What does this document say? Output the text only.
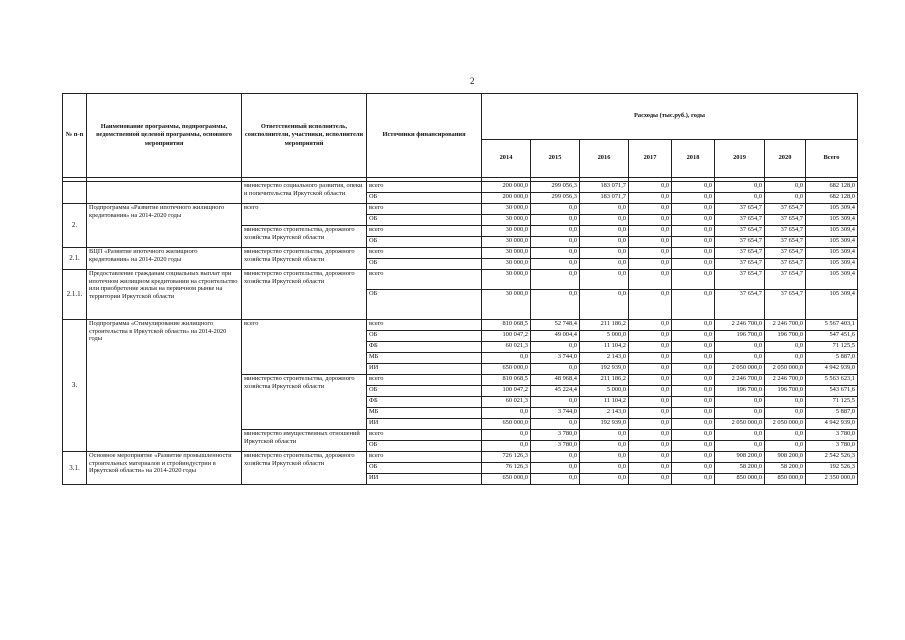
2
№ п-п	Наименование программы, подпрограммы, ведомственной целевой программы, основного мероприятия	Ответственный исполнитель, соисполнители, участники, исполнители мероприятий	Источники финансирования	Расходы (тыс.руб.), годы							
				2014	2015	2016	2017	2018	2019	2020	Всего

		министерство социального развития, опеки и попечительства Иркутской области	всего	200 000,0	299 056,3	183 071,7	0,0	0,0	0,0	0,0	682 128,0
			ОБ	200 000,0	299 056,3	183 071,7	0,0	0,0	0,0	0,0	682 128,0
2.	Подпрограмма «Развитие ипотечного жилищного кредитования» на 2014-2020 годы	всего	всего	30 000,0	0,0	0,0	0,0	0,0	37 654,7	37 654,7	105 309,4
			ОБ	30 000,0	0,0	0,0	0,0	0,0	37 654,7	37 654,7	105 309,4
		министерство строительства, дорожного хозяйства Иркутской области	всего	30 000,0	0,0	0,0	0,0	0,0	37 654,7	37 654,7	105 309,4
			ОБ	30 000,0	0,0	0,0	0,0	0,0	37 654,7	37 654,7	105 309,4
2.1.	ВЦП «Развитие ипотечного жилищного кредитования» на 2014-2020 годы	министерство строительства, дорожного хозяйства Иркутской области	всего	30 000,0	0,0	0,0	0,0	0,0	37 654,7	37 654,7	105 309,4
			ОБ	30 000,0	0,0	0,0	0,0	0,0	37 654,7	37 654,7	105 309,4
2.1.1.	Предоставление гражданам социальных выплат при ипотечном жилищном кредитовании на строительство или приобретение жилья на первичном рынке на территории Иркутской области	министерство строительства, дорожного хозяйства Иркутской области	всего	30 000,0	0,0	0,0	0,0	0,0	37 654,7	37 654,7	105 309,4
			ОБ	30 000,0	0,0	0,0	0,0	0,0	37 654,7	37 654,7	105 309,4
3.	Подпрограмма «Стимулирование жилищного строительства в Иркутской области» на 2014-2020 годы	всего	всего	810 068,5	52 748,4	211 186,2	0,0	0,0	2 246 700,0	2 246 700,0	5 567 403,1
			ОБ	100 047,2	49 004,4	5 000,0	0,0	0,0	196 700,0	196 700,0	547 451,6
			ФБ	60 021,3	0,0	11 104,2	0,0	0,0	0,0	0,0	71 125,5
			МБ	0,0	3 744,0	2 143,0	0,0	0,0	0,0	0,0	5 887,0
			ИИ	650 000,0	0,0	192 939,0	0,0	0,0	2 050 000,0	2 050 000,0	4 942 939,0
		министерство строительства, дорожного хозяйства Иркутской области	всего	810 068,5	48 968,4	211 186,2	0,0	0,0	2 246 700,0	2 246 700,0	5 563 623,1
			ОБ	100 047,2	45 224,4	5 000,0	0,0	0,0	196 700,0	196 700,0	543 671,6
			ФБ	60 021,3	0,0	11 104,2	0,0	0,0	0,0	0,0	71 125,5
			МБ	0,0	3 744,0	2 143,0	0,0	0,0	0,0	0,0	5 887,0
			ИИ	650 000,0	0,0	192 939,0	0,0	0,0	2 050 000,0	2 050 000,0	4 942 939,0
		министерство имущественных отношений Иркутской области	всего	0,0	3 780,0	0,0	0,0	0,0	0,0	0,0	3 780,0
			ОБ	0,0	3 780,0	0,0	0,0	0,0	0,0	0,0	3 780,0
3.1.	Основное мероприятие «Развитие промышленности строительных материалов и стройиндустрии в Иркутской области» на 2014-2020 годы	министерство строительства, дорожного хозяйства Иркутской области	всего	726 126,3	0,0	0,0	0,0	0,0	908 200,0	908 200,0	2 542 526,3
			ОБ	76 126,3	0,0	0,0	0,0	0,0	58 200,0	58 200,0	192 526,3
			ИИ	650 000,0	0,0	0,0	0,0	0,0	850 000,0	850 000,0	2 350 000,0
